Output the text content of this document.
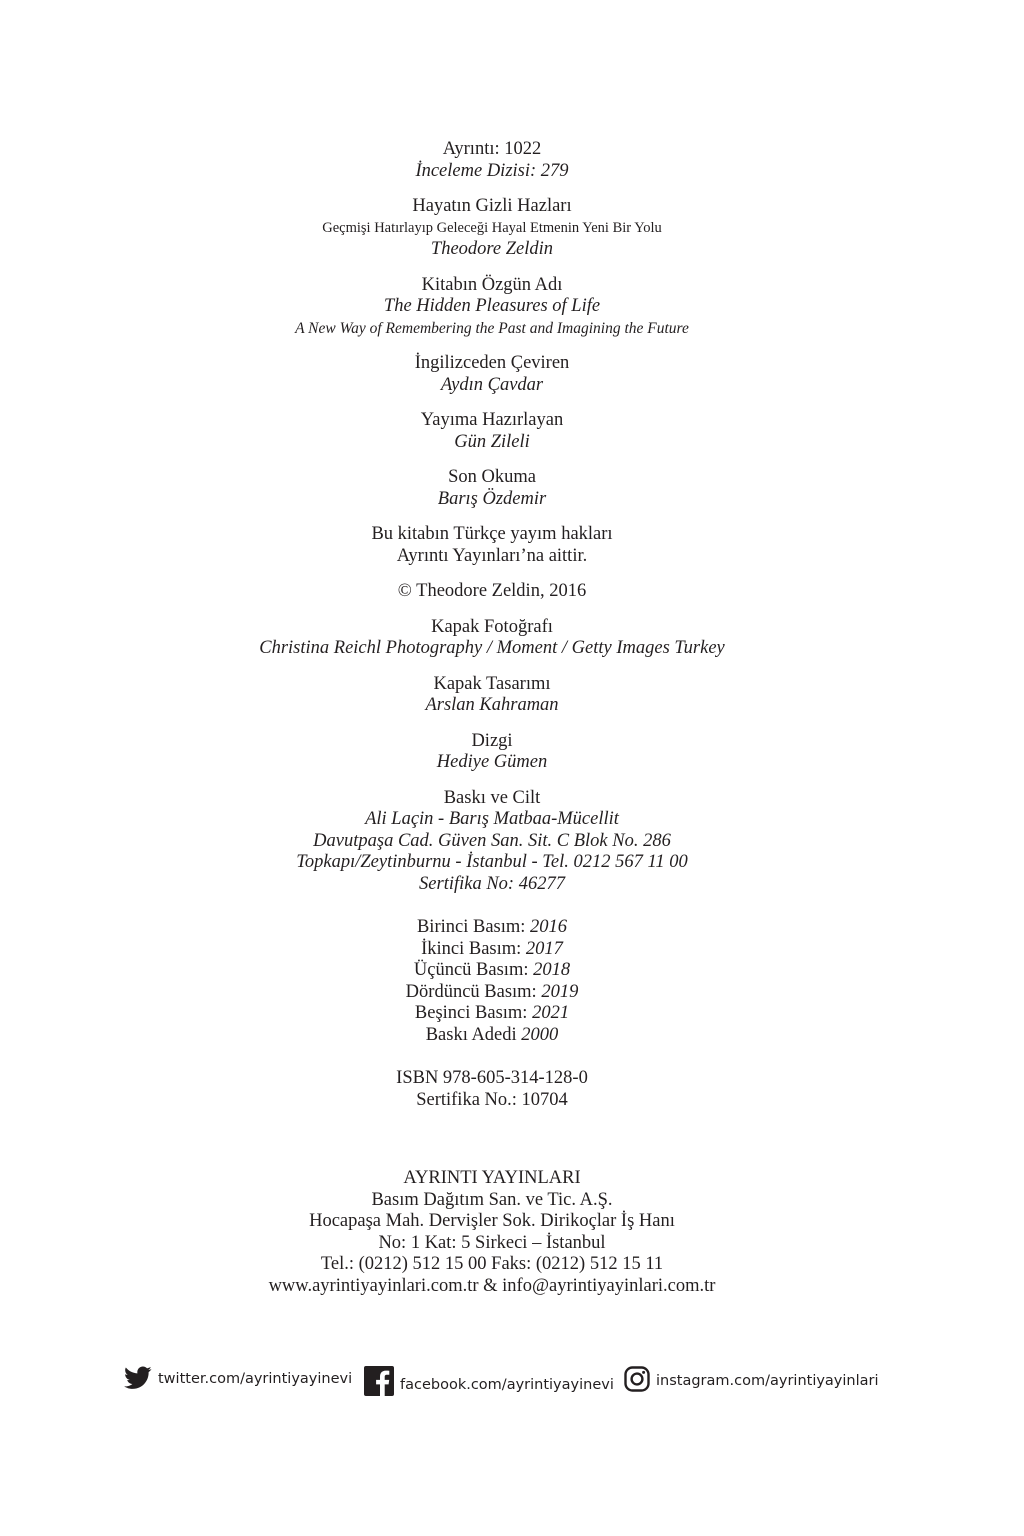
Ayrıntı: 1022

İnceleme Dizisi: 279

Hayatın Gizli Hazları

Geçmişi Hatırlayıp Geleceği Hayal Etmenin Yeni Bir Yolu

Theodore Zeldin

Kitabın Özgün Adı

The Hidden Pleasures of Life

A New Way of Remembering the Past and Imagining the Future

İngilizceden Çeviren

Aydın Çavdar

Yayıma Hazırlayan

Gün Zileli

Son Okuma

Barış Özdemir

Bu kitabın Türkçe yayım hakları

Ayrıntı Yayınları’na aittir.

© Theodore Zeldin, 2016

Kapak Fotoğrafı

Christina Reichl Photography / Moment / Getty Images Turkey

Kapak Tasarımı

Arslan Kahraman

Dizgi

Hediye Gümen

Baskı ve Cilt

Ali Laçin - Barış Matbaa-Mücellit

Davutpaşa Cad. Güven San. Sit. C Blok No. 286

Topkapı/Zeytinburnu - İstanbul - Tel. 0212 567 11 00

Sertifika No: 46277

Birinci Basım: 2016

İkinci Basım: 2017

Üçüncü Basım: 2018

Dördüncü Basım: 2019

Beşinci Basım: 2021

Baskı Adedi 2000

ISBN 978-605-314-128-0

Sertifika No.: 10704

AYRINTI YAYINLARI

Basım Dağıtım San. ve Tic. A.Ş.

Hocapaşa Mah. Dervişler Sok. Dirikoçlar İş Hanı

No: 1 Kat: 5 Sirkeci – İstanbul

Tel.: (0212) 512 15 00 Faks: (0212) 512 15 11

www.ayrintiyayinlari.com.tr & info@ayrintiyayinlari.com.tr

twitter.com/ayrintiyayinevi	facebook.com/ayrintiyayinevi	instagram.com/ayrintiyayinlari
